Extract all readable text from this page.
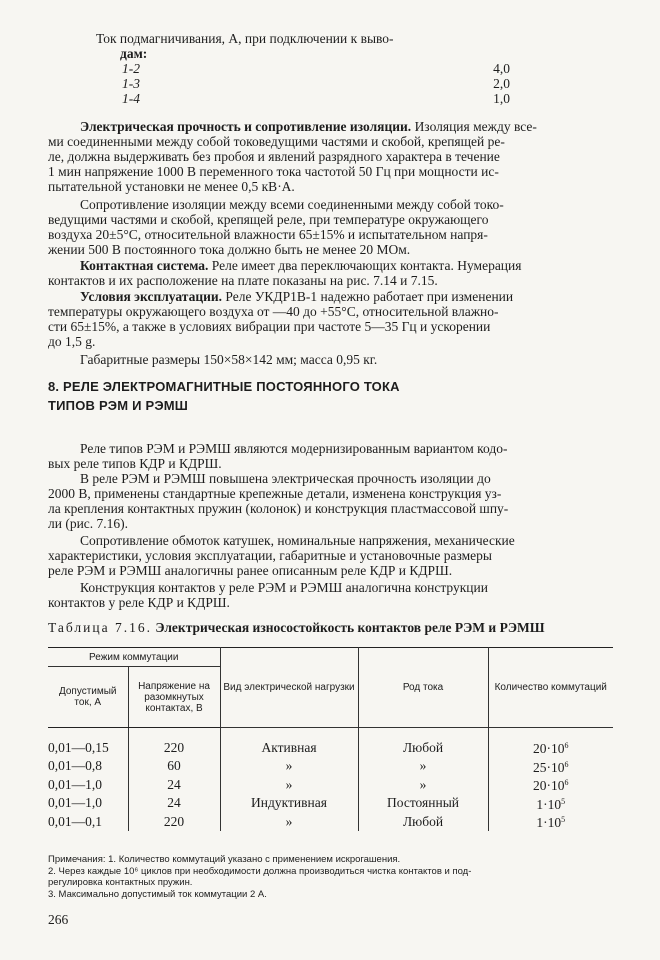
Ток подмагничивания, А, при подключении к выво-
дам:
1-2	4,0
1-3	2,0
1-4	1,0
Электрическая прочность и сопротивление изоляции. Изоляция между все-
ми соединенными между собой токоведущими частями и скобой, крепящей ре-
ле, должна выдерживать без пробоя и явлений разрядного характера в течение
1 мин напряжение 1000 В переменного тока частотой 50 Гц при мощности ис-
пытательной установки не менее 0,5 кВ·А.
Сопротивление изоляции между всеми соединенными между собой токо-
ведущими частями и скобой, крепящей реле, при температуре окружающего
воздуха 20±5°С, относительной влажности 65±15% и испытательном напря-
жении 500 В постоянного тока должно быть не менее 20 МОм.
Контактная система. Реле имеет два переключающих контакта. Нумерация
контактов и их расположение на плате показаны на рис. 7.14 и 7.15.
Условия эксплуатации. Реле УКДР1В-1 надежно работает при изменении
температуры окружающего воздуха от —40 до +55°С, относительной влажно-
сти 65±15%, а также в условиях вибрации при частоте 5—35 Гц и ускорении
до 1,5 g.
Габаритные размеры 150×58×142 мм; масса 0,95 кг.
8. РЕЛЕ ЭЛЕКТРОМАГНИТНЫЕ ПОСТОЯННОГО ТОКА
ТИПОВ РЭМ И РЭМШ
Реле типов РЭМ и РЭМШ являются модернизированным вариантом кодо-
вых реле типов КДР и КДРШ.
В реле РЭМ и РЭМШ повышена электрическая прочность изоляции до
2000 В, применены стандартные крепежные детали, изменена конструкция уз-
ла крепления контактных пружин (колонок) и конструкция пластмассовой шпу-
ли (рис. 7.16).
Сопротивление обмоток катушек, номинальные напряжения, механические
характеристики, условия эксплуатации, габаритные и установочные размеры
реле РЭМ и РЭМШ аналогичны ранее описанным реле КДР и КДРШ.
Конструкция контактов у реле РЭМ и РЭМШ аналогична конструкции
контактов у реле КДР и КДРШ.
Таблица 7.16. Электрическая износостойкость контактов реле РЭМ и РЭМШ
Режим коммутации		Вид электрической нагрузки	Род тока	Количество коммутаций
Допустимый ток, А	Напряжение на разомкнутых контактах, В			
0,01—0,15	220	Активная	Любой	$20\cdot 10^6$
0,01—0,8	60	»	»	$25\cdot 10^6$
0,01—1,0	24	»	»	$20\cdot 10^6$
0,01—1,0	24	Индуктивная	Постоянный	$1\cdot 10^5$
0,01—0,1	220	»	Любой	$1\cdot 10^5$
Примечания: 1. Количество коммутаций указано с применением искрогашения.
2. Через каждые 10⁶ циклов при необходимости должна производиться чистка контактов и под-
регулировка контактных пружин.
3. Максимально допустимый ток коммутации 2 А.
266
